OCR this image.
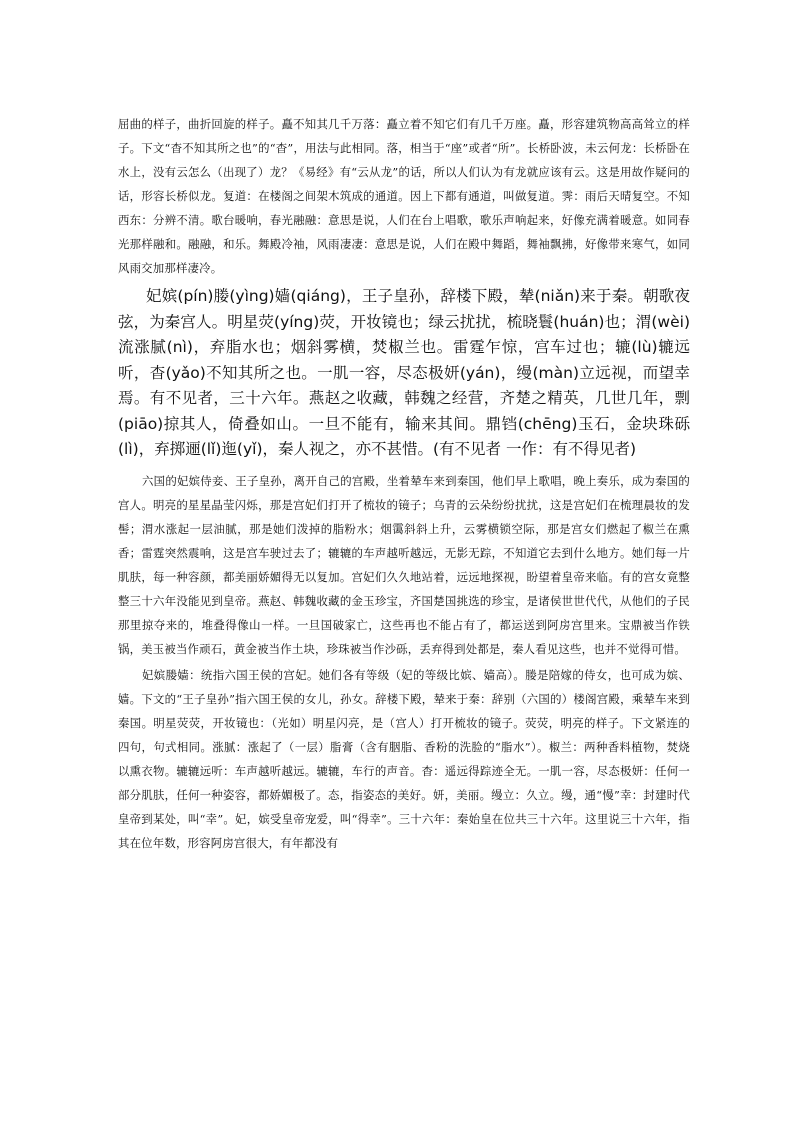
屈曲的样子，曲折回旋的样子。矗不知其几千万落：矗立着不知它们有几千万座。矗，形容建筑物高高耸立的样子。下文“杳不知其所之也”的“杳”，用法与此相同。落，相当于“座”或者“所”。长桥卧波，未云何龙：长桥卧在水上，没有云怎么（出现了）龙？《易经》有“云从龙”的话，所以人们认为有龙就应该有云。这是用故作疑问的话，形容长桥似龙。复道：在楼阁之间架木筑成的通道。因上下都有通道，叫做复道。霁：雨后天晴复空。不知西东：分辨不清。歌台暖响，春光融融：意思是说，人们在台上唱歌，歌乐声响起来，好像充满着暖意。如同春光那样融和。融融，和乐。舞殿冷袖，风雨凄凄：意思是说，人们在殿中舞蹈，舞袖飘拂，好像带来寒气，如同风雨交加那样凄冷。

妃嫔(pín)媵(yìng)嫱(qiáng)，王子皇孙，辞楼下殿，辇(niǎn)来于秦。朝歌夜弦，为秦宫人。明星荧(yíng)荧，开妆镜也；绿云扰扰，梳晓鬟(huán)也；渭(wèi)流涨腻(nì)，弃脂水也；烟斜雾横，焚椒兰也。雷霆乍惊，宫车过也；辘(lù)辘远听，杳(yǎo)不知其所之也。一肌一容，尽态极妍(yán)，缦(màn)立远视，而望幸焉。有不见者，三十六年。燕赵之收藏，韩魏之经营，齐楚之精英，几世几年，剽(piāo)掠其人，倚叠如山。一旦不能有，输来其间。鼎铛(chēng)玉石，金块珠砾(lì)，弃掷逦(lǐ)迤(yǐ)，秦人视之，亦不甚惜。(有不见者 一作：有不得见者)

六国的妃嫔侍妾、王子皇孙，离开自己的宫殿，坐着辇车来到秦国，他们早上歌唱，晚上奏乐，成为秦国的宫人。明亮的星星晶莹闪烁，那是宫妃们打开了梳妆的镜子；乌青的云朵纷纷扰扰，这是宫妃们在梳理晨妆的发髻；渭水涨起一层油腻，那是她们泼掉的脂粉水；烟霭斜斜上升，云雾横锁空际，那是宫女们燃起了椒兰在熏香；雷霆突然震响，这是宫车驶过去了；辘辘的车声越听越远，无影无踪，不知道它去到什么地方。她们每一片肌肤，每一种容颜，都美丽娇媚得无以复加。宫妃们久久地站着，远远地探视，盼望着皇帝来临。有的宫女竟整整三十六年没能见到皇帝。燕赵、韩魏收藏的金玉珍宝，齐国楚国挑选的珍宝，是诸侯世世代代，从他们的子民那里掠夺来的，堆叠得像山一样。一旦国破家亡，这些再也不能占有了，都运送到阿房宫里来。宝鼎被当作铁锅，美玉被当作顽石，黄金被当作土块，珍珠被当作沙砾，丢弃得到处都是，秦人看见这些，也并不觉得可惜。

妃嫔媵嫱：统指六国王侯的宫妃。她们各有等级（妃的等级比嫔、嫱高）。媵是陪嫁的侍女，也可成为嫔、嫱。下文的“王子皇孙”指六国王侯的女儿，孙女。辞楼下殿，辇来于秦：辞别（六国的）楼阁宫殿，乘辇车来到秦国。明星荧荧，开妆镜也：（光如）明星闪亮，是（宫人）打开梳妆的镜子。荧荧，明亮的样子。下文紧连的四句，句式相同。涨腻：涨起了（一层）脂膏（含有胭脂、香粉的洗脸的“脂水”）。椒兰：两种香料植物，焚烧以熏衣物。辘辘远听：车声越听越远。辘辘，车行的声音。杳：遥远得踪迹全无。一肌一容，尽态极妍：任何一部分肌肤，任何一种姿容，都娇媚极了。态，指姿态的美好。妍，美丽。缦立：久立。缦，通“慢”幸：封建时代皇帝到某处，叫“幸”。妃，嫔受皇帝宠爱，叫“得幸”。三十六年：秦始皇在位共三十六年。这里说三十六年，指其在位年数，形容阿房宫很大，有年都没有
